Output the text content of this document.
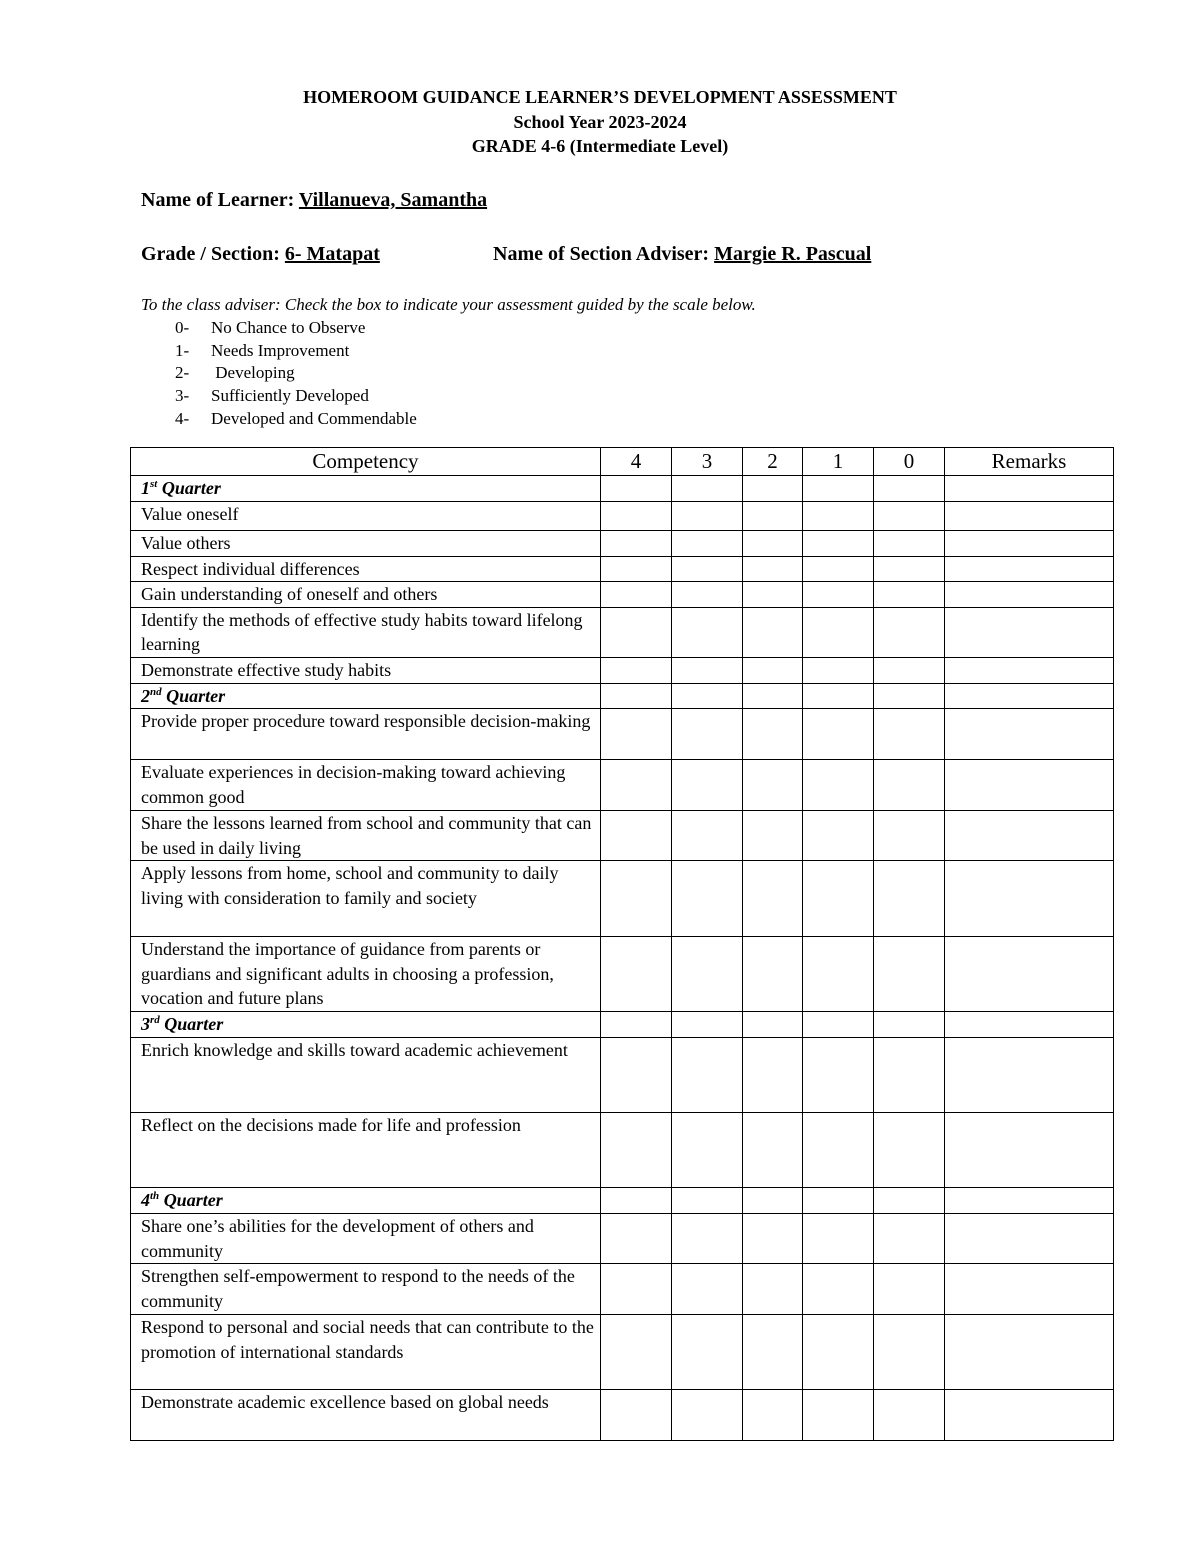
HOMEROOM GUIDANCE LEARNER’S DEVELOPMENT ASSESSMENT
School Year 2023-2024
GRADE 4-6 (Intermediate Level)
Name of Learner: Villanueva, Samantha
Grade / Section: 6- Matapat	Name of Section Adviser: Margie R. Pascual
To the class adviser: Check the box to indicate your assessment guided by the scale below.
0- No Chance to Observe
1- Needs Improvement
2- Developing
3- Sufficiently Developed
4- Developed and Commendable
Competency	4	3	2	1	0	Remarks
1st Quarter						
Value oneself						
Value others						
Respect individual differences						
Gain understanding of oneself and others						
Identify the methods of effective study habits toward lifelong learning						
Demonstrate effective study habits						
2nd Quarter						
Provide proper procedure toward responsible decision-making						
Evaluate experiences in decision-making toward achieving common good						
Share the lessons learned from school and community that can be used in daily living						
Apply lessons from home, school and community to daily living with consideration to family and society						
Understand the importance of guidance from parents or guardians and significant adults in choosing a profession, vocation and future plans						
3rd Quarter						
Enrich knowledge and skills toward academic achievement						
Reflect on the decisions made for life and profession						
4th Quarter						
Share one’s abilities for the development of others and community						
Strengthen self-empowerment to respond to the needs of the community						
Respond to personal and social needs that can contribute to the promotion of international standards						
Demonstrate academic excellence based on global needs						
